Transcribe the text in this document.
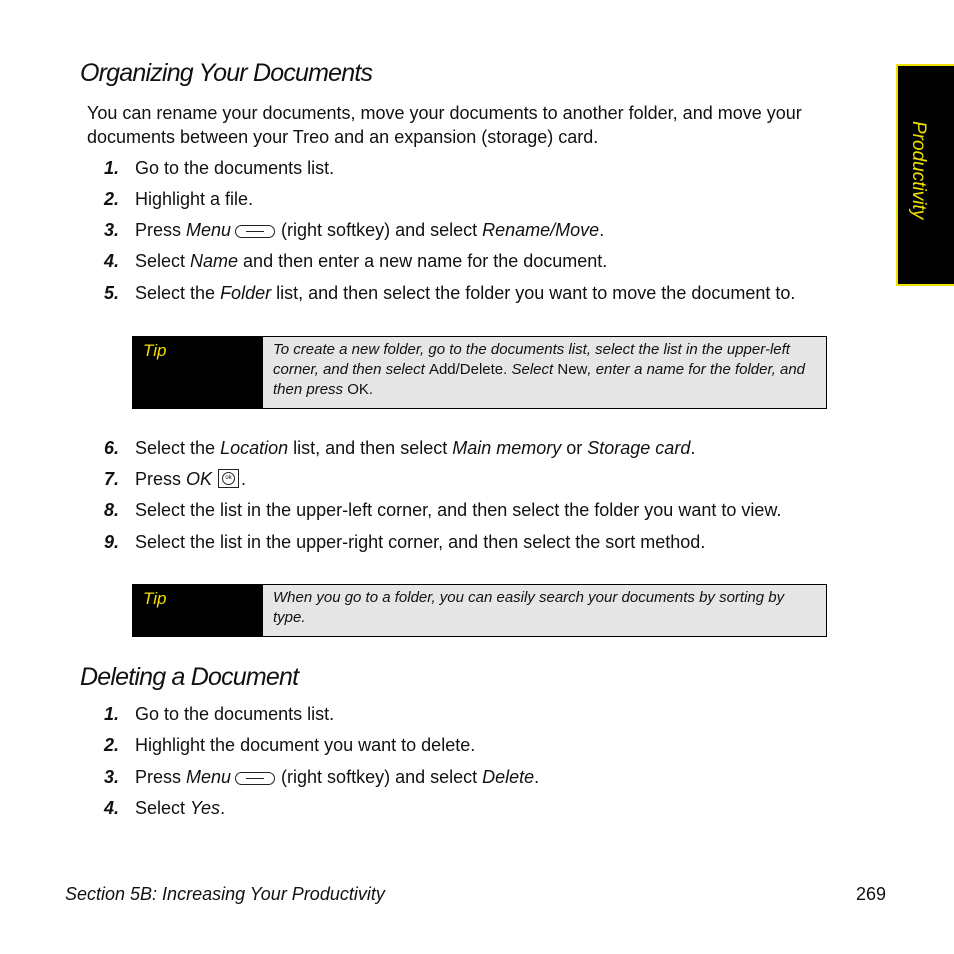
Productivity
Organizing Your Documents

You can rename your documents, move your documents to another folder, and move your documents between your Treo and an expansion (storage) card.

1. Go to the documents list.
2. Highlight a file.
3. Press Menu	(right softkey) and select Rename/Move.
4. Select Name and then enter a new name for the document.
5. Select the Folder list, and then select the folder you want to move the document to.
Tip	To create a new folder, go to the documents list, select the list in the upper-left corner, and then select Add/Delete. Select New, enter a name for the folder, and then press OK.
6. Select the Location list, and then select Main memory or Storage card.
7. Press OK	ok .
8. Select the list in the upper-left corner, and then select the folder you want to view.
9. Select the list in the upper-right corner, and then select the sort method.
Tip	When you go to a folder, you can easily search your documents by sorting by type.
Deleting a Document
1. Go to the documents list.
2. Highlight the document you want to delete.
3. Press Menu	(right softkey) and select Delete.
4. Select Yes.
Section 5B: Increasing Your Productivity	269
